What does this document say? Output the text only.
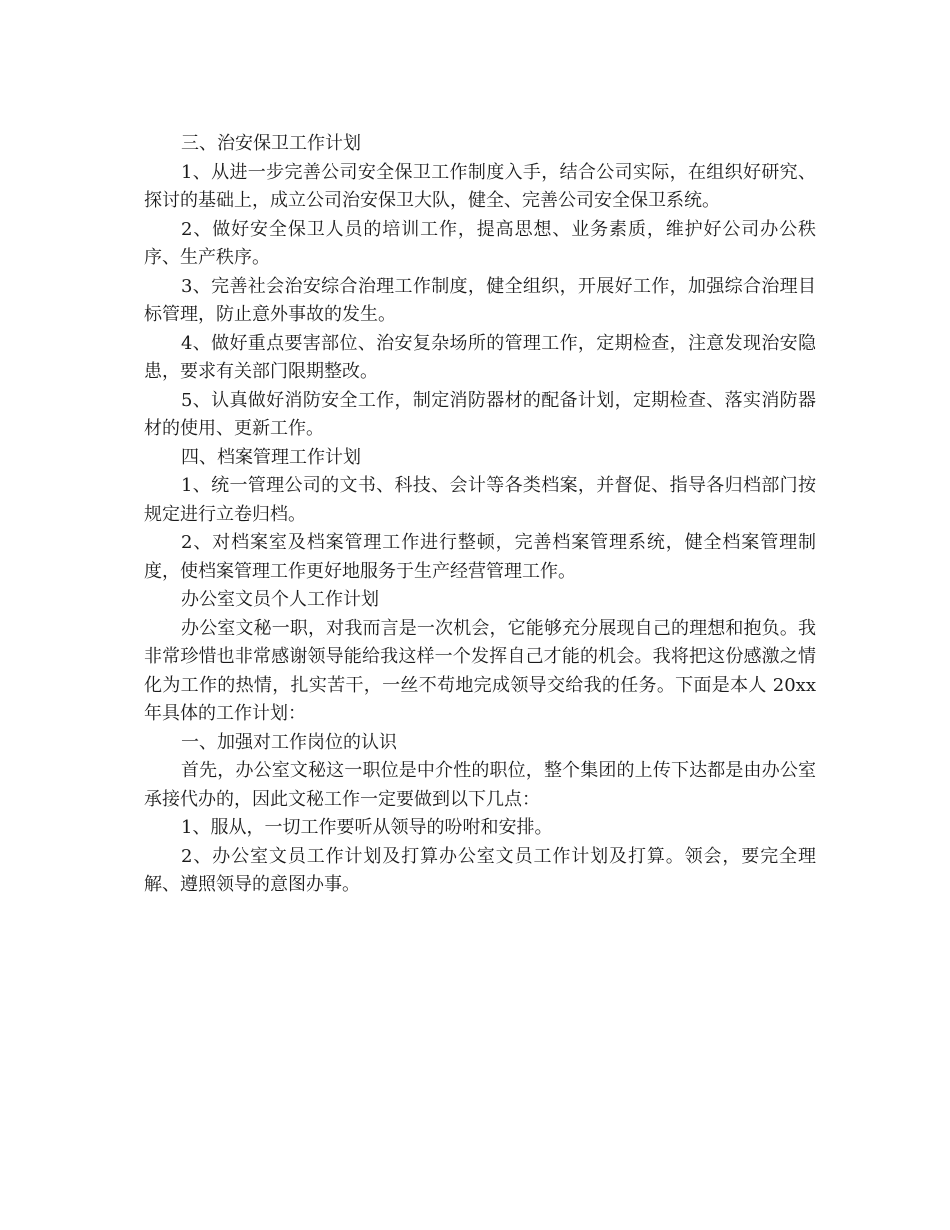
三、治安保卫工作计划

1、从进一步完善公司安全保卫工作制度入手，结合公司实际，在组织好研究、探讨的基础上，成立公司治安保卫大队，健全、完善公司安全保卫系统。

2、做好安全保卫人员的培训工作，提高思想、业务素质，维护好公司办公秩序、生产秩序。

3、完善社会治安综合治理工作制度，健全组织，开展好工作，加强综合治理目标管理，防止意外事故的发生。

4、做好重点要害部位、治安复杂场所的管理工作，定期检查，注意发现治安隐患，要求有关部门限期整改。

5、认真做好消防安全工作，制定消防器材的配备计划，定期检查、落实消防器材的使用、更新工作。

四、档案管理工作计划

1、统一管理公司的文书、科技、会计等各类档案，并督促、指导各归档部门按规定进行立卷归档。

2、对档案室及档案管理工作进行整顿，完善档案管理系统，健全档案管理制度，使档案管理工作更好地服务于生产经营管理工作。

办公室文员个人工作计划

办公室文秘一职，对我而言是一次机会，它能够充分展现自己的理想和抱负。我非常珍惜也非常感谢领导能给我这样一个发挥自己才能的机会。我将把这份感激之情化为工作的热情，扎实苦干，一丝不苟地完成领导交给我的任务。下面是本人 20xx 年具体的工作计划：

一、加强对工作岗位的认识

首先，办公室文秘这一职位是中介性的职位，整个集团的上传下达都是由办公室承接代办的，因此文秘工作一定要做到以下几点：

1、服从，一切工作要听从领导的吩咐和安排。

2、办公室文员工作计划及打算办公室文员工作计划及打算。领会，要完全理解、遵照领导的意图办事。
